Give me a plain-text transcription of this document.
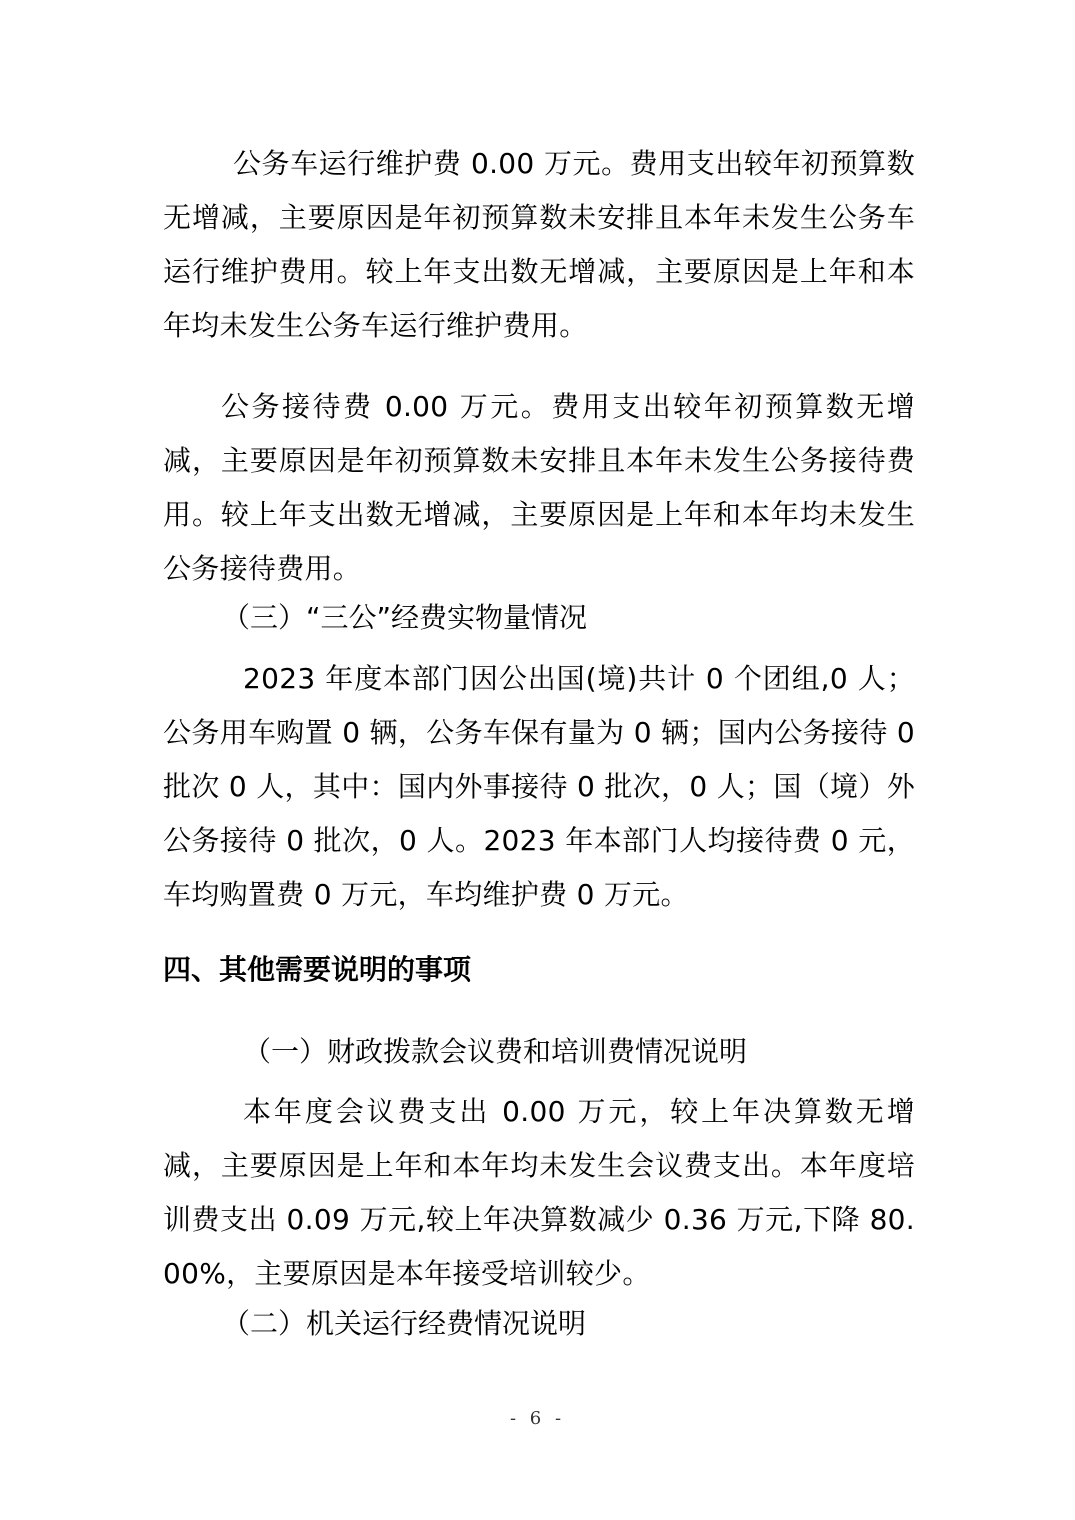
公务车运行维护费 0.00 万元。费用支出较年初预算数无增减，主要原因是年初预算数未安排且本年未发生公务车运行维护费用。较上年支出数无增减，主要原因是上年和本年均未发生公务车运行维护费用。

公务接待费 0.00 万元。费用支出较年初预算数无增减，主要原因是年初预算数未安排且本年未发生公务接待费用。较上年支出数无增减，主要原因是上年和本年均未发生公务接待费用。

（三）“三公”经费实物量情况

2023 年度本部门因公出国(境)共计 0 个团组,0 人；公务用车购置 0 辆，公务车保有量为 0 辆；国内公务接待 0 批次 0 人，其中：国内外事接待 0 批次，0 人；国（境）外公务接待 0 批次，0 人。2023 年本部门人均接待费 0 元，车均购置费 0 万元，车均维护费 0 万元。

四、其他需要说明的事项
（一）财政拨款会议费和培训费情况说明

本年度会议费支出 0.00 万元，较上年决算数无增减，主要原因是上年和本年均未发生会议费支出。本年度培训费支出 0.09 万元,较上年决算数减少 0.36 万元,下降 80.00%，主要原因是本年接受培训较少。

（二）机关运行经费情况说明
- 6 -
